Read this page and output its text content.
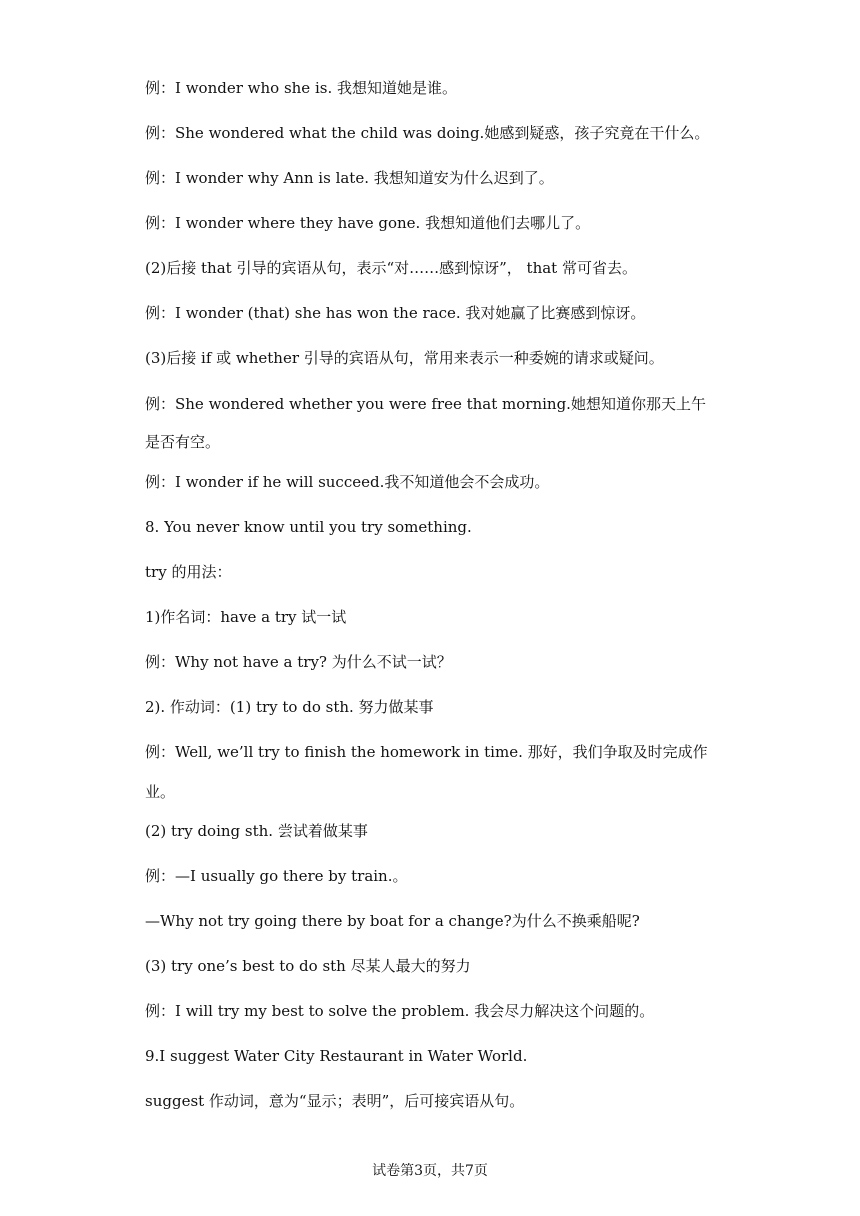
例：I wonder who she is. 我想知道她是谁。
例：She wondered what the child was doing.她感到疑惑，孩子究竟在干什么。
例：I wonder why Ann is late. 我想知道安为什么迟到了。
例：I wonder where they have gone. 我想知道他们去哪儿了。
(2)后接 that 引导的宾语从句，表示“对……感到惊讶”， that 常可省去。
例：I wonder (that) she has won the race. 我对她赢了比赛感到惊讶。
(3)后接 if 或 whether 引导的宾语从句，常用来表示一种委婉的请求或疑问。
例：She wondered whether you were free that morning.她想知道你那天上午
是否有空。
例：I wonder if he will succeed.我不知道他会不会成功。
8. You never know until you try something.
try 的用法：
1)作名词：have a try 试一试
例：Why not have a try? 为什么不试一试？
2). 作动词：(1) try to do sth. 努力做某事
例：Well, we’ll try to finish the homework in time. 那好，我们争取及时完成作
业。
(2) try doing sth. 尝试着做某事
例：—I usually go there by train.。
—Why not try going there by boat for a change?为什么不换乘船呢?
(3) try one’s best to do sth 尽某人最大的努力
例：I will try my best to solve the problem. 我会尽力解决这个问题的。
9.I suggest Water City Restaurant in Water World.
suggest 作动词，意为“显示；表明”，后可接宾语从句。
试卷第3页，共7页
